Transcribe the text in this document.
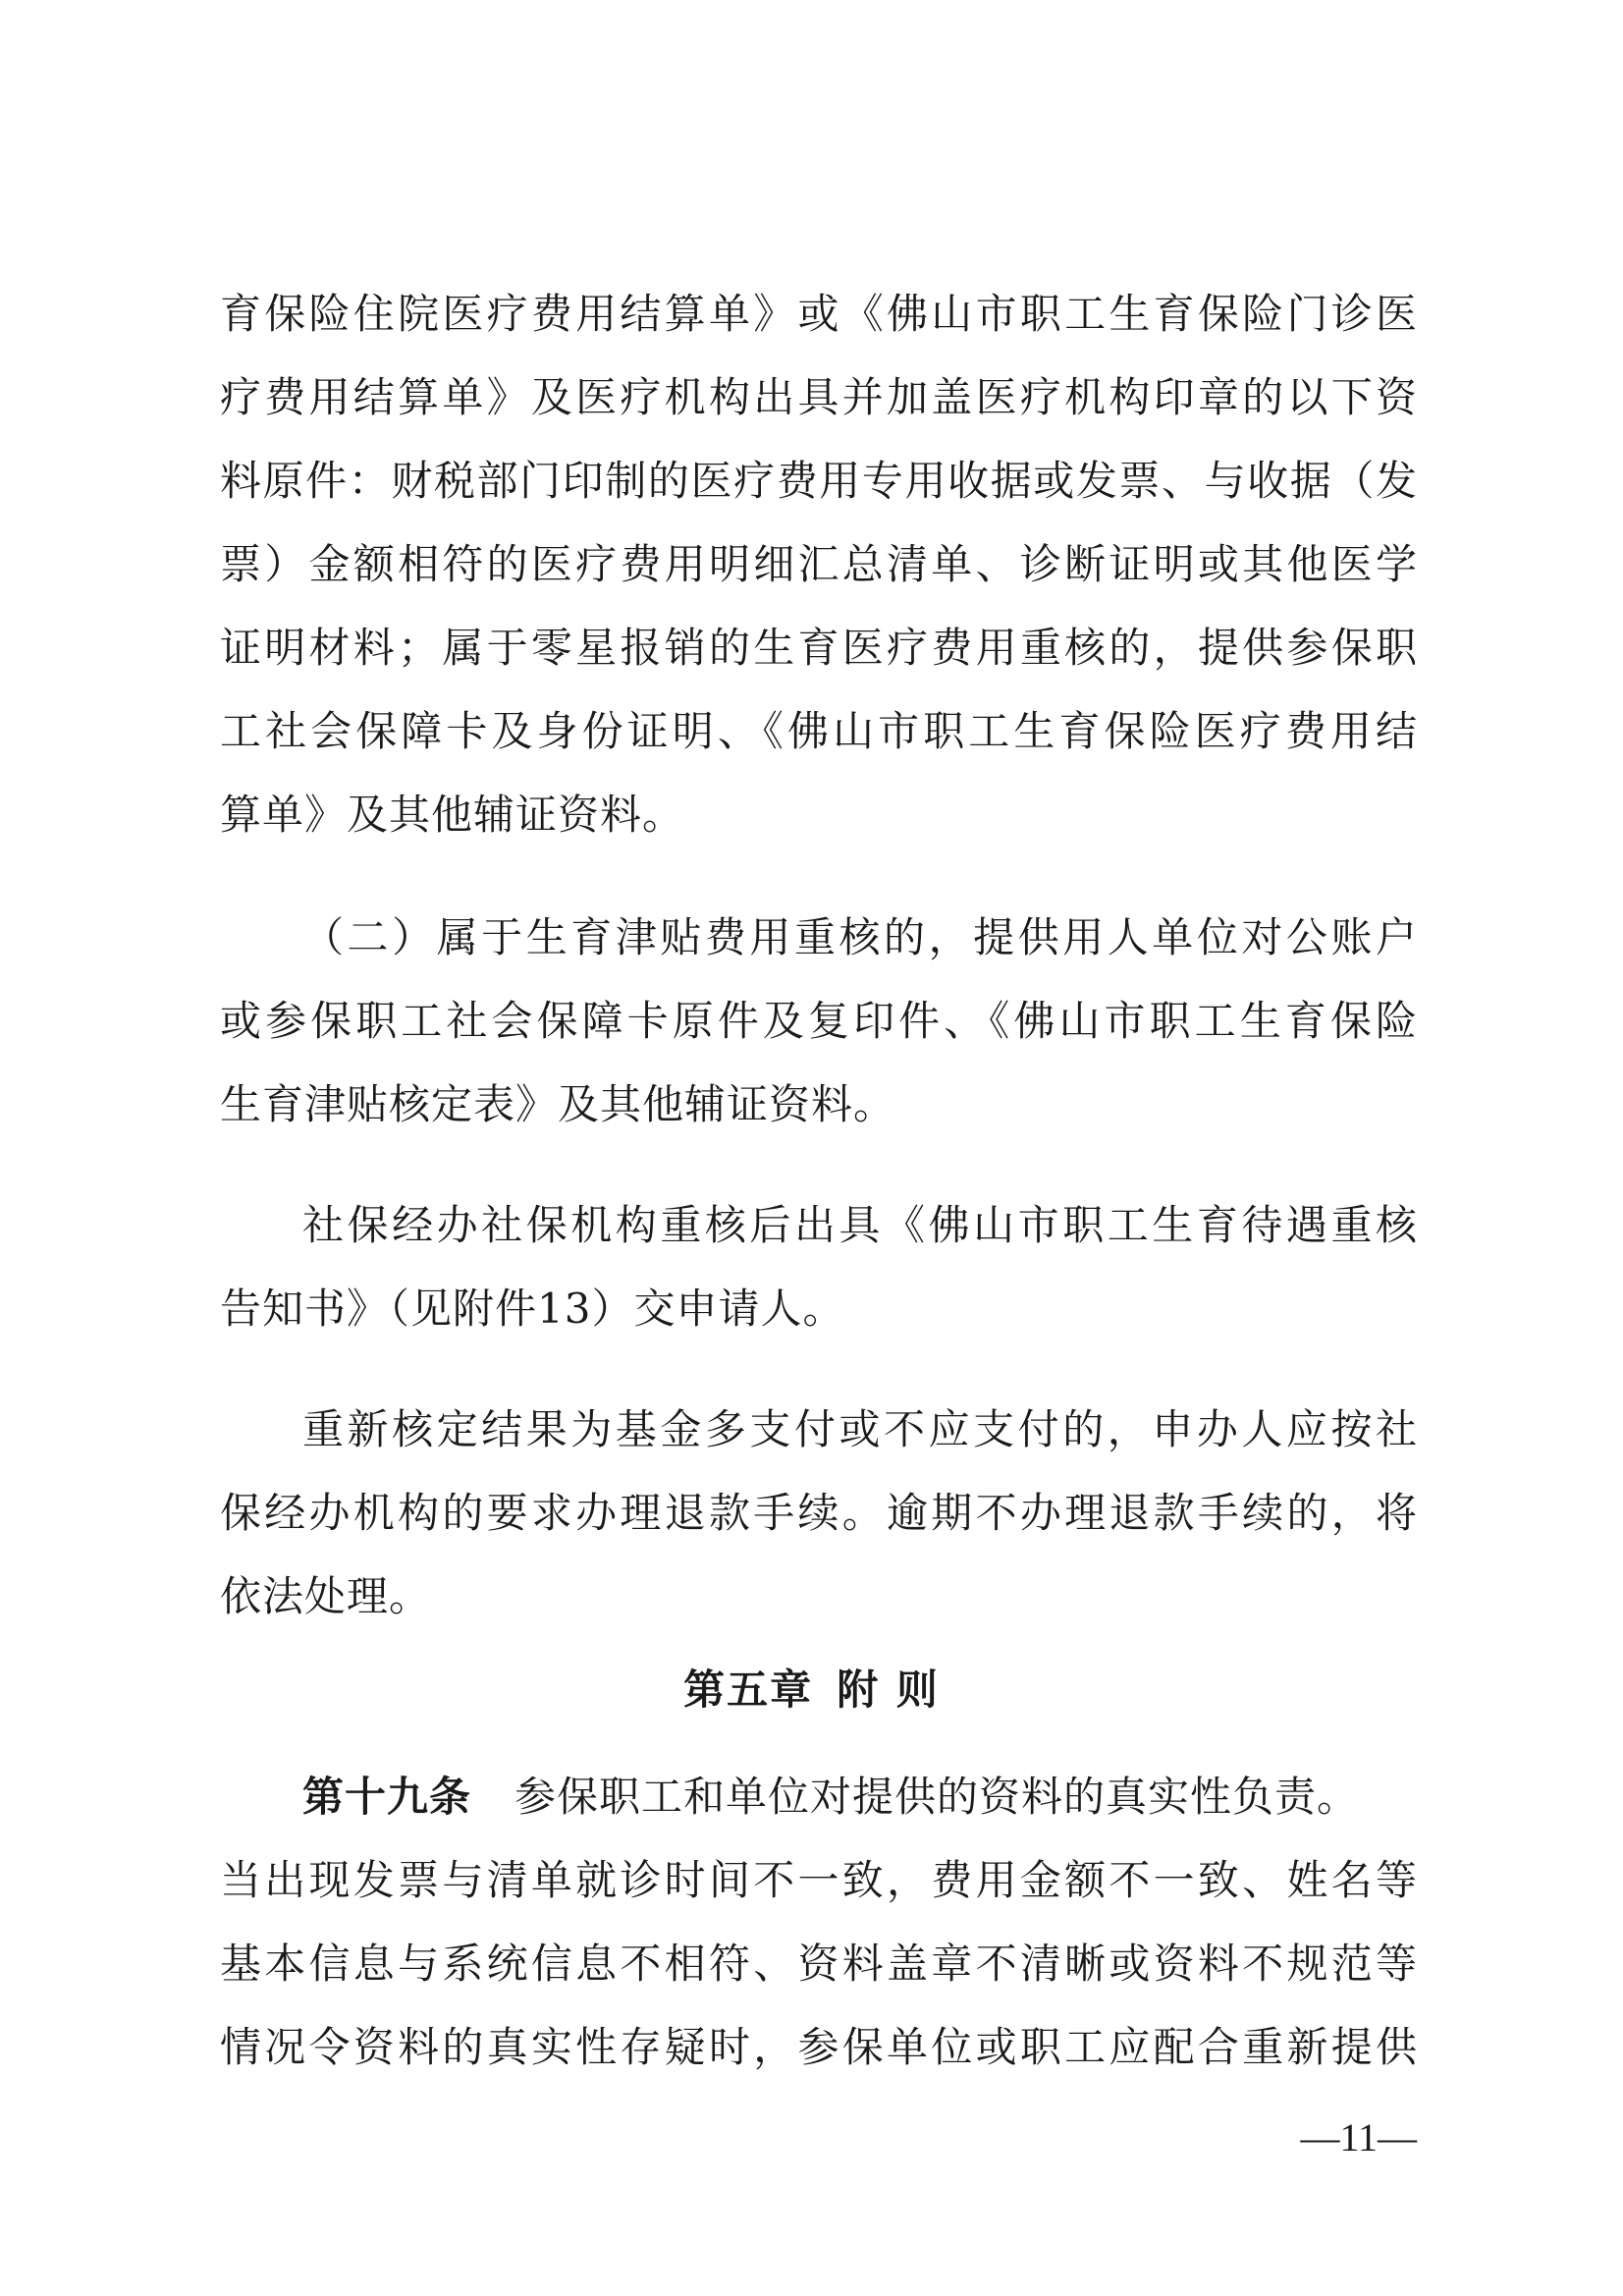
育保险住院医疗费用结算单》或《佛山市职工生育保险门诊医
疗费用结算单》及医疗机构出具并加盖医疗机构印章的以下资
料原件：财税部门印制的医疗费用专用收据或发票、与收据（发
票）金额相符的医疗费用明细汇总清单、诊断证明或其他医学
证明材料；属于零星报销的生育医疗费用重核的，提供参保职
工社会保障卡及身份证明、《佛山市职工生育保险医疗费用结
算单》及其他辅证资料。
（二）属于生育津贴费用重核的，提供用人单位对公账户
或参保职工社会保障卡原件及复印件、《佛山市职工生育保险
生育津贴核定表》及其他辅证资料。
社保经办社保机构重核后出具《佛山市职工生育待遇重核
告知书》（见附件13）交申请人。
重新核定结果为基金多支付或不应支付的，申办人应按社
保经办机构的要求办理退款手续。逾期不办理退款手续的，将
依法处理。
第五章 附 则
第十九条 参保职工和单位对提供的资料的真实性负责。
当出现发票与清单就诊时间不一致，费用金额不一致、姓名等
基本信息与系统信息不相符、资料盖章不清晰或资料不规范等
情况令资料的真实性存疑时，参保单位或职工应配合重新提供
—11—
